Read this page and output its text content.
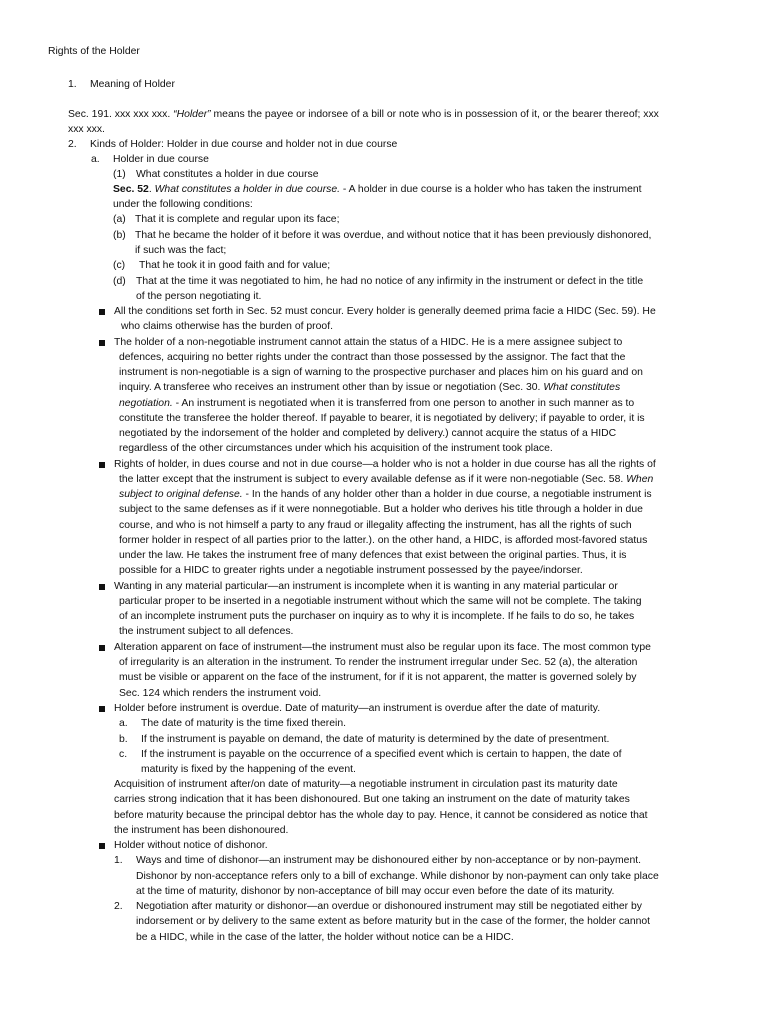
Rights of the Holder
1. Meaning of Holder
Sec. 191. xxx xxx xxx. “Holder” means the payee or indorsee of a bill or note who is in possession of it, or the bearer thereof; xxx
xxx xxx.
2. Kinds of Holder: Holder in due course and holder not in due course
a. Holder in due course
(1) What constitutes a holder in due course
Sec. 52. What constitutes a holder in due course. - A holder in due course is a holder who has taken the instrument
under the following conditions:
(a) That it is complete and regular upon its face;
(b) That he became the holder of it before it was overdue, and without notice that it has been previously dishonored,
if such was the fact;
(c) That he took it in good faith and for value;
(d) That at the time it was negotiated to him, he had no notice of any infirmity in the instrument or defect in the title
of the person negotiating it.
All the conditions set forth in Sec. 52 must concur. Every holder is generally deemed prima facie a HIDC (Sec. 59). He
who claims otherwise has the burden of proof.
The holder of a non-negotiable instrument cannot attain the status of a HIDC. He is a mere assignee subject to
defences, acquiring no better rights under the contract than those possessed by the assignor. The fact that the
instrument is non-negotiable is a sign of warning to the prospective purchaser and places him on his guard and on
inquiry. A transferee who receives an instrument other than by issue or negotiation (Sec. 30. What constitutes
negotiation. - An instrument is negotiated when it is transferred from one person to another in such manner as to
constitute the transferee the holder thereof. If payable to bearer, it is negotiated by delivery; if payable to order, it is
negotiated by the indorsement of the holder and completed by delivery.) cannot acquire the status of a HIDC
regardless of the other circumstances under which his acquisition of the instrument took place.
Rights of holder, in dues course and not in due course—a holder who is not a holder in due course has all the rights of
the latter except that the instrument is subject to every available defense as if it were non-negotiable (Sec. 58. When
subject to original defense. - In the hands of any holder other than a holder in due course, a negotiable instrument is
subject to the same defenses as if it were nonnegotiable. But a holder who derives his title through a holder in due
course, and who is not himself a party to any fraud or illegality affecting the instrument, has all the rights of such
former holder in respect of all parties prior to the latter.). on the other hand, a HIDC, is afforded most-favored status
under the law. He takes the instrument free of many defences that exist between the original parties. Thus, it is
possible for a HIDC to greater rights under a negotiable instrument possessed by the payee/indorser.
Wanting in any material particular—an instrument is incomplete when it is wanting in any material particular or
particular proper to be inserted in a negotiable instrument without which the same will not be complete. The taking
of an incomplete instrument puts the purchaser on inquiry as to why it is incomplete. If he fails to do so, he takes
the instrument subject to all defences.
Alteration apparent on face of instrument—the instrument must also be regular upon its face. The most common type
of irregularity is an alteration in the instrument. To render the instrument irregular under Sec. 52 (a), the alteration
must be visible or apparent on the face of the instrument, for if it is not apparent, the matter is governed solely by
Sec. 124 which renders the instrument void.
Holder before instrument is overdue. Date of maturity—an instrument is overdue after the date of maturity.
a. The date of maturity is the time fixed therein.
b. If the instrument is payable on demand, the date of maturity is determined by the date of presentment.
c. If the instrument is payable on the occurrence of a specified event which is certain to happen, the date of
maturity is fixed by the happening of the event.
Acquisition of instrument after/on date of maturity—a negotiable instrument in circulation past its maturity date
carries strong indication that it has been dishonoured. But one taking an instrument on the date of maturity takes
before maturity because the principal debtor has the whole day to pay. Hence, it cannot be considered as notice that
the instrument has been dishonoured.
Holder without notice of dishonor.
1. Ways and time of dishonor—an instrument may be dishonoured either by non-acceptance or by non-payment.
Dishonor by non-acceptance refers only to a bill of exchange. While dishonor by non-payment can only take place
at the time of maturity, dishonor by non-acceptance of bill may occur even before the date of its maturity.
2. Negotiation after maturity or dishonor—an overdue or dishonoured instrument may still be negotiated either by
indorsement or by delivery to the same extent as before maturity but in the case of the former, the holder cannot
be a HIDC, while in the case of the latter, the holder without notice can be a HIDC.
